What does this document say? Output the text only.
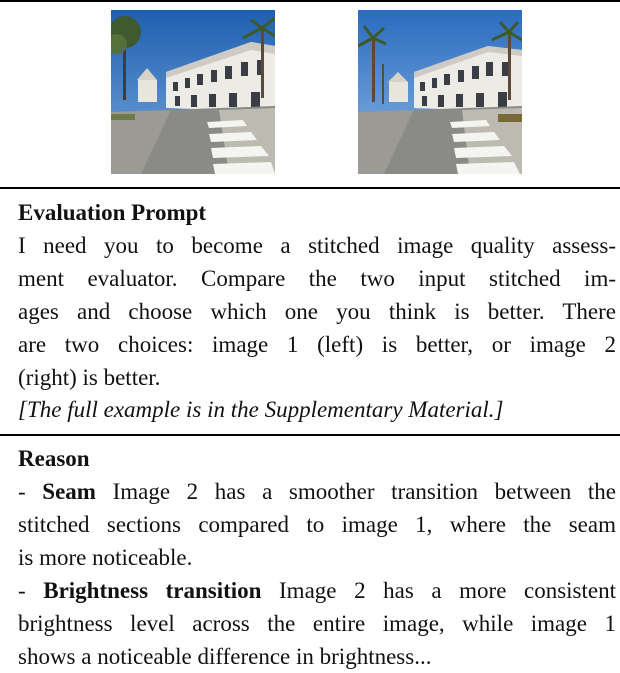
Evaluation Prompt
I need you to become a stitched image quality assess-
ment evaluator. Compare the two input stitched im-
ages and choose which one you think is better. There
are two choices: image 1 (left) is better, or image 2
(right) is better.
[The full example is in the Supplementary Material.]
Reason
- Seam Image 2 has a smoother transition between the
stitched sections compared to image 1, where the seam
is more noticeable.
- Brightness transition Image 2 has a more consistent
brightness level across the entire image, while image 1
shows a noticeable difference in brightness...
